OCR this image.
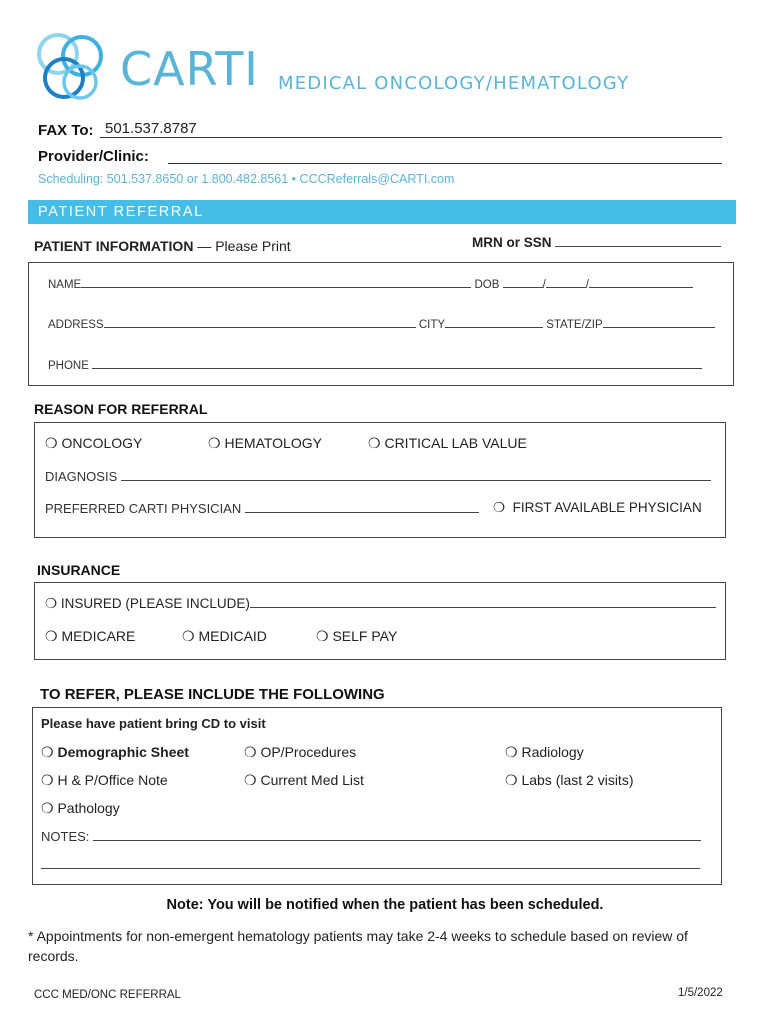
CARTI MEDICAL ONCOLOGY/HEMATOLOGY
FAX To: 501.537.8787
Provider/Clinic:
Scheduling: 501.537.8650 or 1.800.482.8561 • CCCReferrals@CARTI.com
PATIENT REFERRAL
PATIENT INFORMATION — Please Print	MRN or SSN
NAME	DOB	/	/
ADDRESS	CITY	STATE/ZIP
PHONE
REASON FOR REFERRAL
❍ ONCOLOGY	❍ HEMATOLOGY	❍ CRITICAL LAB VALUE
DIAGNOSIS
PREFERRED CARTI PHYSICIAN	❍ FIRST AVAILABLE PHYSICIAN
INSURANCE
❍ INSURED (PLEASE INCLUDE)
❍ MEDICARE	❍ MEDICAID	❍ SELF PAY
TO REFER, PLEASE INCLUDE THE FOLLOWING
Please have patient bring CD to visit
❍ Demographic Sheet	❍ OP/Procedures	❍ Radiology
❍ H & P/Office Note	❍ Current Med List	❍ Labs (last 2 visits)
❍ Pathology
NOTES:
Note: You will be notified when the patient has been scheduled.
* Appointments for non-emergent hematology patients may take 2-4 weeks to schedule based on review of records.
CCC MED/ONC REFERRAL	1/5/2022
